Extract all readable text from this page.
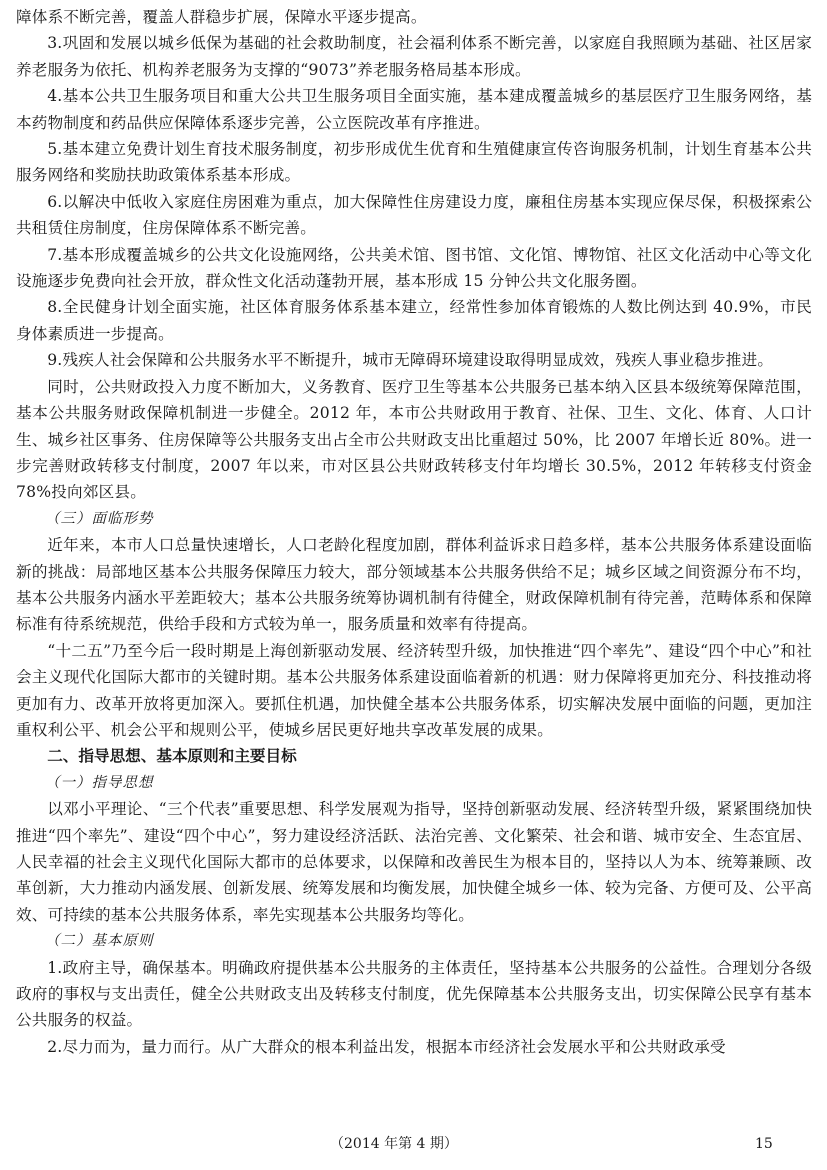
障体系不断完善，覆盖人群稳步扩展，保障水平逐步提高。

3.巩固和发展以城乡低保为基础的社会救助制度，社会福利体系不断完善，以家庭自我照顾为基础、社区居家养老服务为依托、机构养老服务为支撑的“9073”养老服务格局基本形成。

4.基本公共卫生服务项目和重大公共卫生服务项目全面实施，基本建成覆盖城乡的基层医疗卫生服务网络，基本药物制度和药品供应保障体系逐步完善，公立医院改革有序推进。

5.基本建立免费计划生育技术服务制度，初步形成优生优育和生殖健康宣传咨询服务机制，计划生育基本公共服务网络和奖励扶助政策体系基本形成。

6.以解决中低收入家庭住房困难为重点，加大保障性住房建设力度，廉租住房基本实现应保尽保，积极探索公共租赁住房制度，住房保障体系不断完善。

7.基本形成覆盖城乡的公共文化设施网络，公共美术馆、图书馆、文化馆、博物馆、社区文化活动中心等文化设施逐步免费向社会开放，群众性文化活动蓬勃开展，基本形成 15 分钟公共文化服务圈。

8.全民健身计划全面实施，社区体育服务体系基本建立，经常性参加体育锻炼的人数比例达到 40.9%，市民身体素质进一步提高。

9.残疾人社会保障和公共服务水平不断提升，城市无障碍环境建设取得明显成效，残疾人事业稳步推进。

同时，公共财政投入力度不断加大，义务教育、医疗卫生等基本公共服务已基本纳入区县本级统筹保障范围，基本公共服务财政保障机制进一步健全。2012 年，本市公共财政用于教育、社保、卫生、文化、体育、人口计生、城乡社区事务、住房保障等公共服务支出占全市公共财政支出比重超过 50%，比 2007 年增长近 80%。进一步完善财政转移支付制度，2007 年以来，市对区县公共财政转移支付年均增长 30.5%，2012 年转移支付资金 78%投向郊区县。

（三）面临形势

近年来，本市人口总量快速增长，人口老龄化程度加剧，群体利益诉求日趋多样，基本公共服务体系建设面临新的挑战：局部地区基本公共服务保障压力较大，部分领域基本公共服务供给不足；城乡区域之间资源分布不均，基本公共服务内涵水平差距较大；基本公共服务统筹协调机制有待健全，财政保障机制有待完善，范畴体系和保障标准有待系统规范，供给手段和方式较为单一，服务质量和效率有待提高。

“十二五”乃至今后一段时期是上海创新驱动发展、经济转型升级，加快推进“四个率先”、建设“四个中心”和社会主义现代化国际大都市的关键时期。基本公共服务体系建设面临着新的机遇：财力保障将更加充分、科技推动将更加有力、改革开放将更加深入。要抓住机遇，加快健全基本公共服务体系，切实解决发展中面临的问题，更加注重权利公平、机会公平和规则公平，使城乡居民更好地共享改革发展的成果。

二、指导思想、基本原则和主要目标

（一）指导思想

以邓小平理论、“三个代表”重要思想、科学发展观为指导，坚持创新驱动发展、经济转型升级，紧紧围绕加快推进“四个率先”、建设“四个中心”，努力建设经济活跃、法治完善、文化繁荣、社会和谐、城市安全、生态宜居、人民幸福的社会主义现代化国际大都市的总体要求，以保障和改善民生为根本目的，坚持以人为本、统筹兼顾、改革创新，大力推动内涵发展、创新发展、统筹发展和均衡发展，加快健全城乡一体、较为完备、方便可及、公平高效、可持续的基本公共服务体系，率先实现基本公共服务均等化。

（二）基本原则

1.政府主导，确保基本。明确政府提供基本公共服务的主体责任，坚持基本公共服务的公益性。合理划分各级政府的事权与支出责任，健全公共财政支出及转移支付制度，优先保障基本公共服务支出，切实保障公民享有基本公共服务的权益。

2.尽力而为，量力而行。从广大群众的根本利益出发，根据本市经济社会发展水平和公共财政承受

（2014 年第 4 期）	15
